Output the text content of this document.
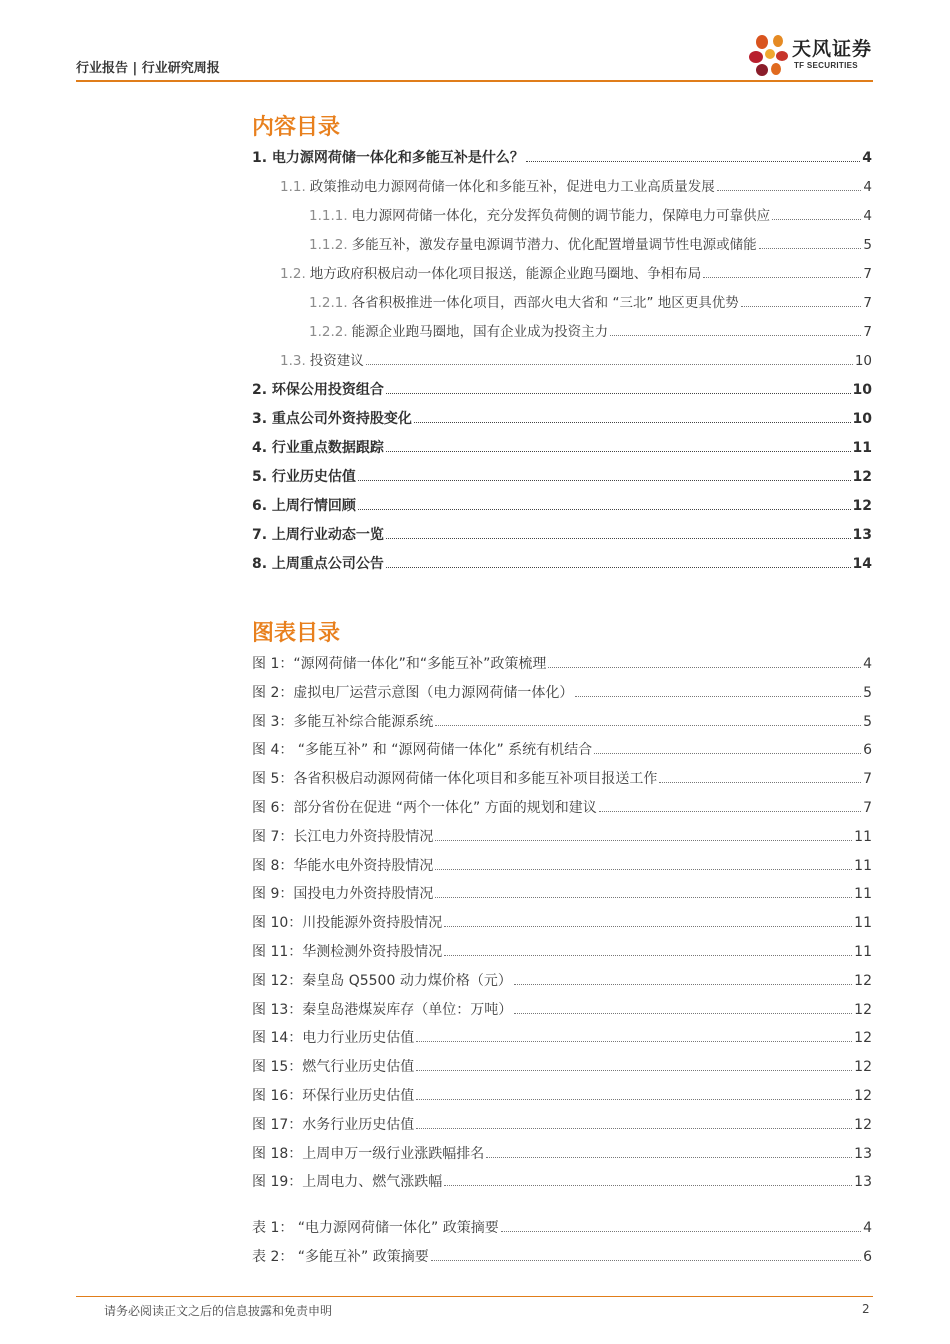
行业报告 | 行业研究周报
天风证券
TF SECURITIES
内容目录
1. 电力源网荷储一体化和多能互补是什么？	4
1.1. 政策推动电力源网荷储一体化和多能互补，促进电力工业高质量发展	4
1.1.1. 电力源网荷储一体化，充分发挥负荷侧的调节能力，保障电力可靠供应	4
1.1.2. 多能互补，激发存量电源调节潜力、优化配置增量调节性电源或储能	5
1.2. 地方政府积极启动一体化项目报送，能源企业跑马圈地、争相布局	7
1.2.1. 各省积极推进一体化项目，西部火电大省和 “三北” 地区更具优势	7
1.2.2. 能源企业跑马圈地，国有企业成为投资主力	7
1.3. 投资建议	10
2. 环保公用投资组合	10
3. 重点公司外资持股变化	10
4. 行业重点数据跟踪	11
5. 行业历史估值	12
6. 上周行情回顾	12
7. 上周行业动态一览	13
8. 上周重点公司公告	14
图表目录
图 1：“源网荷储一体化”和“多能互补”政策梳理	4
图 2：虚拟电厂运营示意图（电力源网荷储一体化）	5
图 3：多能互补综合能源系统	5
图 4： “多能互补” 和 “源网荷储一体化” 系统有机结合	6
图 5：各省积极启动源网荷储一体化项目和多能互补项目报送工作	7
图 6：部分省份在促进 “两个一体化” 方面的规划和建议	7
图 7：长江电力外资持股情况	11
图 8：华能水电外资持股情况	11
图 9：国投电力外资持股情况	11
图 10：川投能源外资持股情况	11
图 11：华测检测外资持股情况	11
图 12：秦皇岛 Q5500 动力煤价格（元）	12
图 13：秦皇岛港煤炭库存（单位：万吨）	12
图 14：电力行业历史估值	12
图 15：燃气行业历史估值	12
图 16：环保行业历史估值	12
图 17：水务行业历史估值	12
图 18：上周申万一级行业涨跌幅排名	13
图 19：上周电力、燃气涨跌幅	13
表 1： “电力源网荷储一体化” 政策摘要	4
表 2： “多能互补” 政策摘要	6
请务必阅读正文之后的信息披露和免责申明	2
